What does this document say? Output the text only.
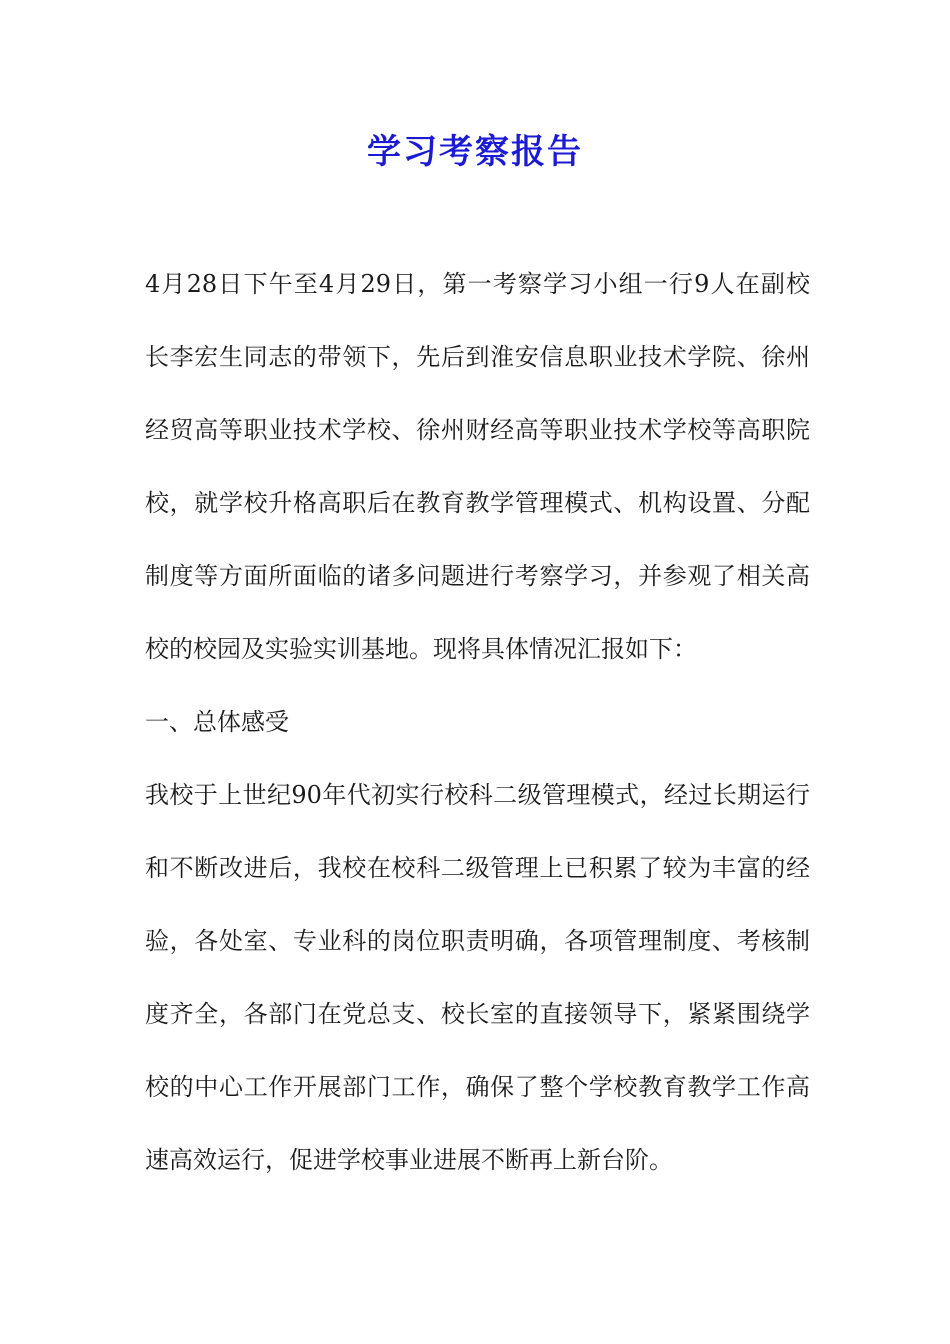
学习考察报告
4月28日下午至4月29日，第一考察学习小组一行9人在副校
长李宏生同志的带领下，先后到淮安信息职业技术学院、徐州
经贸高等职业技术学校、徐州财经高等职业技术学校等高职院
校，就学校升格高职后在教育教学管理模式、机构设置、分配
制度等方面所面临的诸多问题进行考察学习，并参观了相关高
校的校园及实验实训基地。现将具体情况汇报如下：
一、总体感受
我校于上世纪90年代初实行校科二级管理模式，经过长期运行
和不断改进后，我校在校科二级管理上已积累了较为丰富的经
验，各处室、专业科的岗位职责明确，各项管理制度、考核制
度齐全，各部门在党总支、校长室的直接领导下，紧紧围绕学
校的中心工作开展部门工作，确保了整个学校教育教学工作高
速高效运行，促进学校事业进展不断再上新台阶。
